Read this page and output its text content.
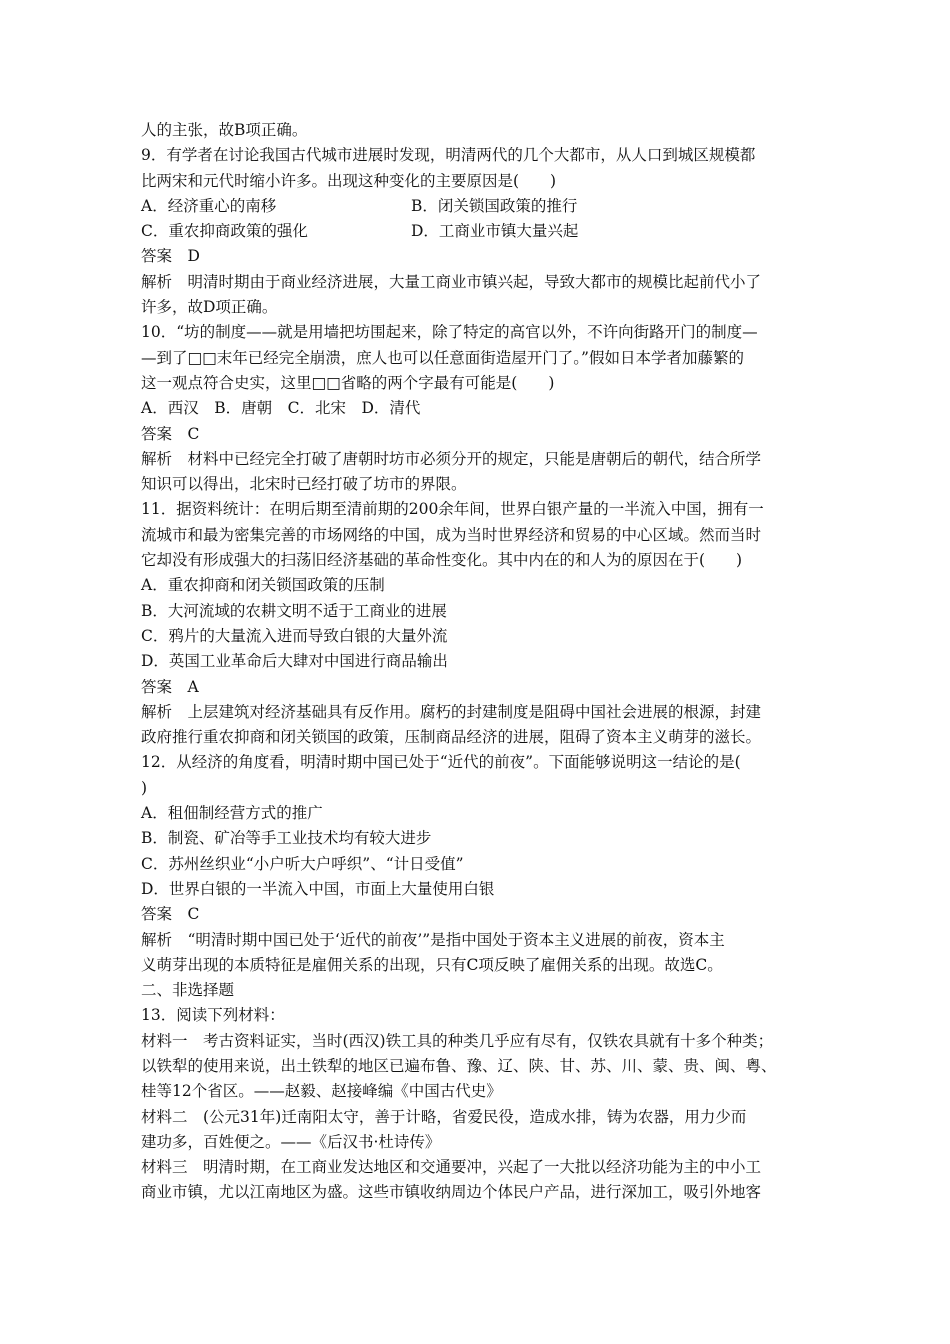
人的主张，故B项正确。
9．有学者在讨论我国古代城市进展时发现，明清两代的几个大都市，从人口到城区规模都
比两宋和元代时缩小许多。出现这种变化的主要原因是(　　)
A．经济重心的南移	B．闭关锁国政策的推行
C．重农抑商政策的强化	D．工商业市镇大量兴起
答案　D
解析　明清时期由于商业经济进展，大量工商业市镇兴起，导致大都市的规模比起前代小了
许多，故D项正确。
10．“坊的制度——就是用墙把坊围起来，除了特定的高官以外，不许向街路开门的制度—
—到了□□末年已经完全崩溃，庶人也可以任意面街造屋开门了。”假如日本学者加藤繁的
这一观点符合史实，这里□□省略的两个字最有可能是(　　)
A．西汉　B．唐朝　C．北宋　D．清代
答案　C
解析　材料中已经完全打破了唐朝时坊市必须分开的规定，只能是唐朝后的朝代，结合所学
知识可以得出，北宋时已经打破了坊市的界限。
11．据资料统计：在明后期至清前期的200余年间，世界白银产量的一半流入中国，拥有一
流城市和最为密集完善的市场网络的中国，成为当时世界经济和贸易的中心区域。然而当时
它却没有形成强大的扫荡旧经济基础的革命性变化。其中内在的和人为的原因在于(　　)
A．重农抑商和闭关锁国政策的压制
B．大河流域的农耕文明不适于工商业的进展
C．鸦片的大量流入进而导致白银的大量外流
D．英国工业革命后大肆对中国进行商品输出
答案　A
解析　上层建筑对经济基础具有反作用。腐朽的封建制度是阻碍中国社会进展的根源，封建
政府推行重农抑商和闭关锁国的政策，压制商品经济的进展，阻碍了资本主义萌芽的滋长。
12．从经济的角度看，明清时期中国已处于“近代的前夜”。下面能够说明这一结论的是(
)
A．租佃制经营方式的推广
B．制瓷、矿冶等手工业技术均有较大进步
C．苏州丝织业“小户听大户呼织”、“计日受值”
D．世界白银的一半流入中国，市面上大量使用白银
答案　C
解析　“明清时期中国已处于‘近代的前夜’”是指中国处于资本主义进展的前夜，资本主
义萌芽出现的本质特征是雇佣关系的出现，只有C项反映了雇佣关系的出现。故选C。
二、非选择题
13．阅读下列材料：
材料一　考古资料证实，当时(西汉)铁工具的种类几乎应有尽有，仅铁农具就有十多个种类；
以铁犁的使用来说，出土铁犁的地区已遍布鲁、豫、辽、陕、甘、苏、川、蒙、贵、闽、粤、
桂等12个省区。——赵毅、赵接峰编《中国古代史》
材料二　(公元31年)迁南阳太守，善于计略，省爱民役，造成水排，铸为农器，用力少而
建功多，百姓便之。——《后汉书·杜诗传》
材料三　明清时期，在工商业发达地区和交通要冲，兴起了一大批以经济功能为主的中小工
商业市镇，尤以江南地区为盛。这些市镇收纳周边个体民户产品，进行深加工，吸引外地客
